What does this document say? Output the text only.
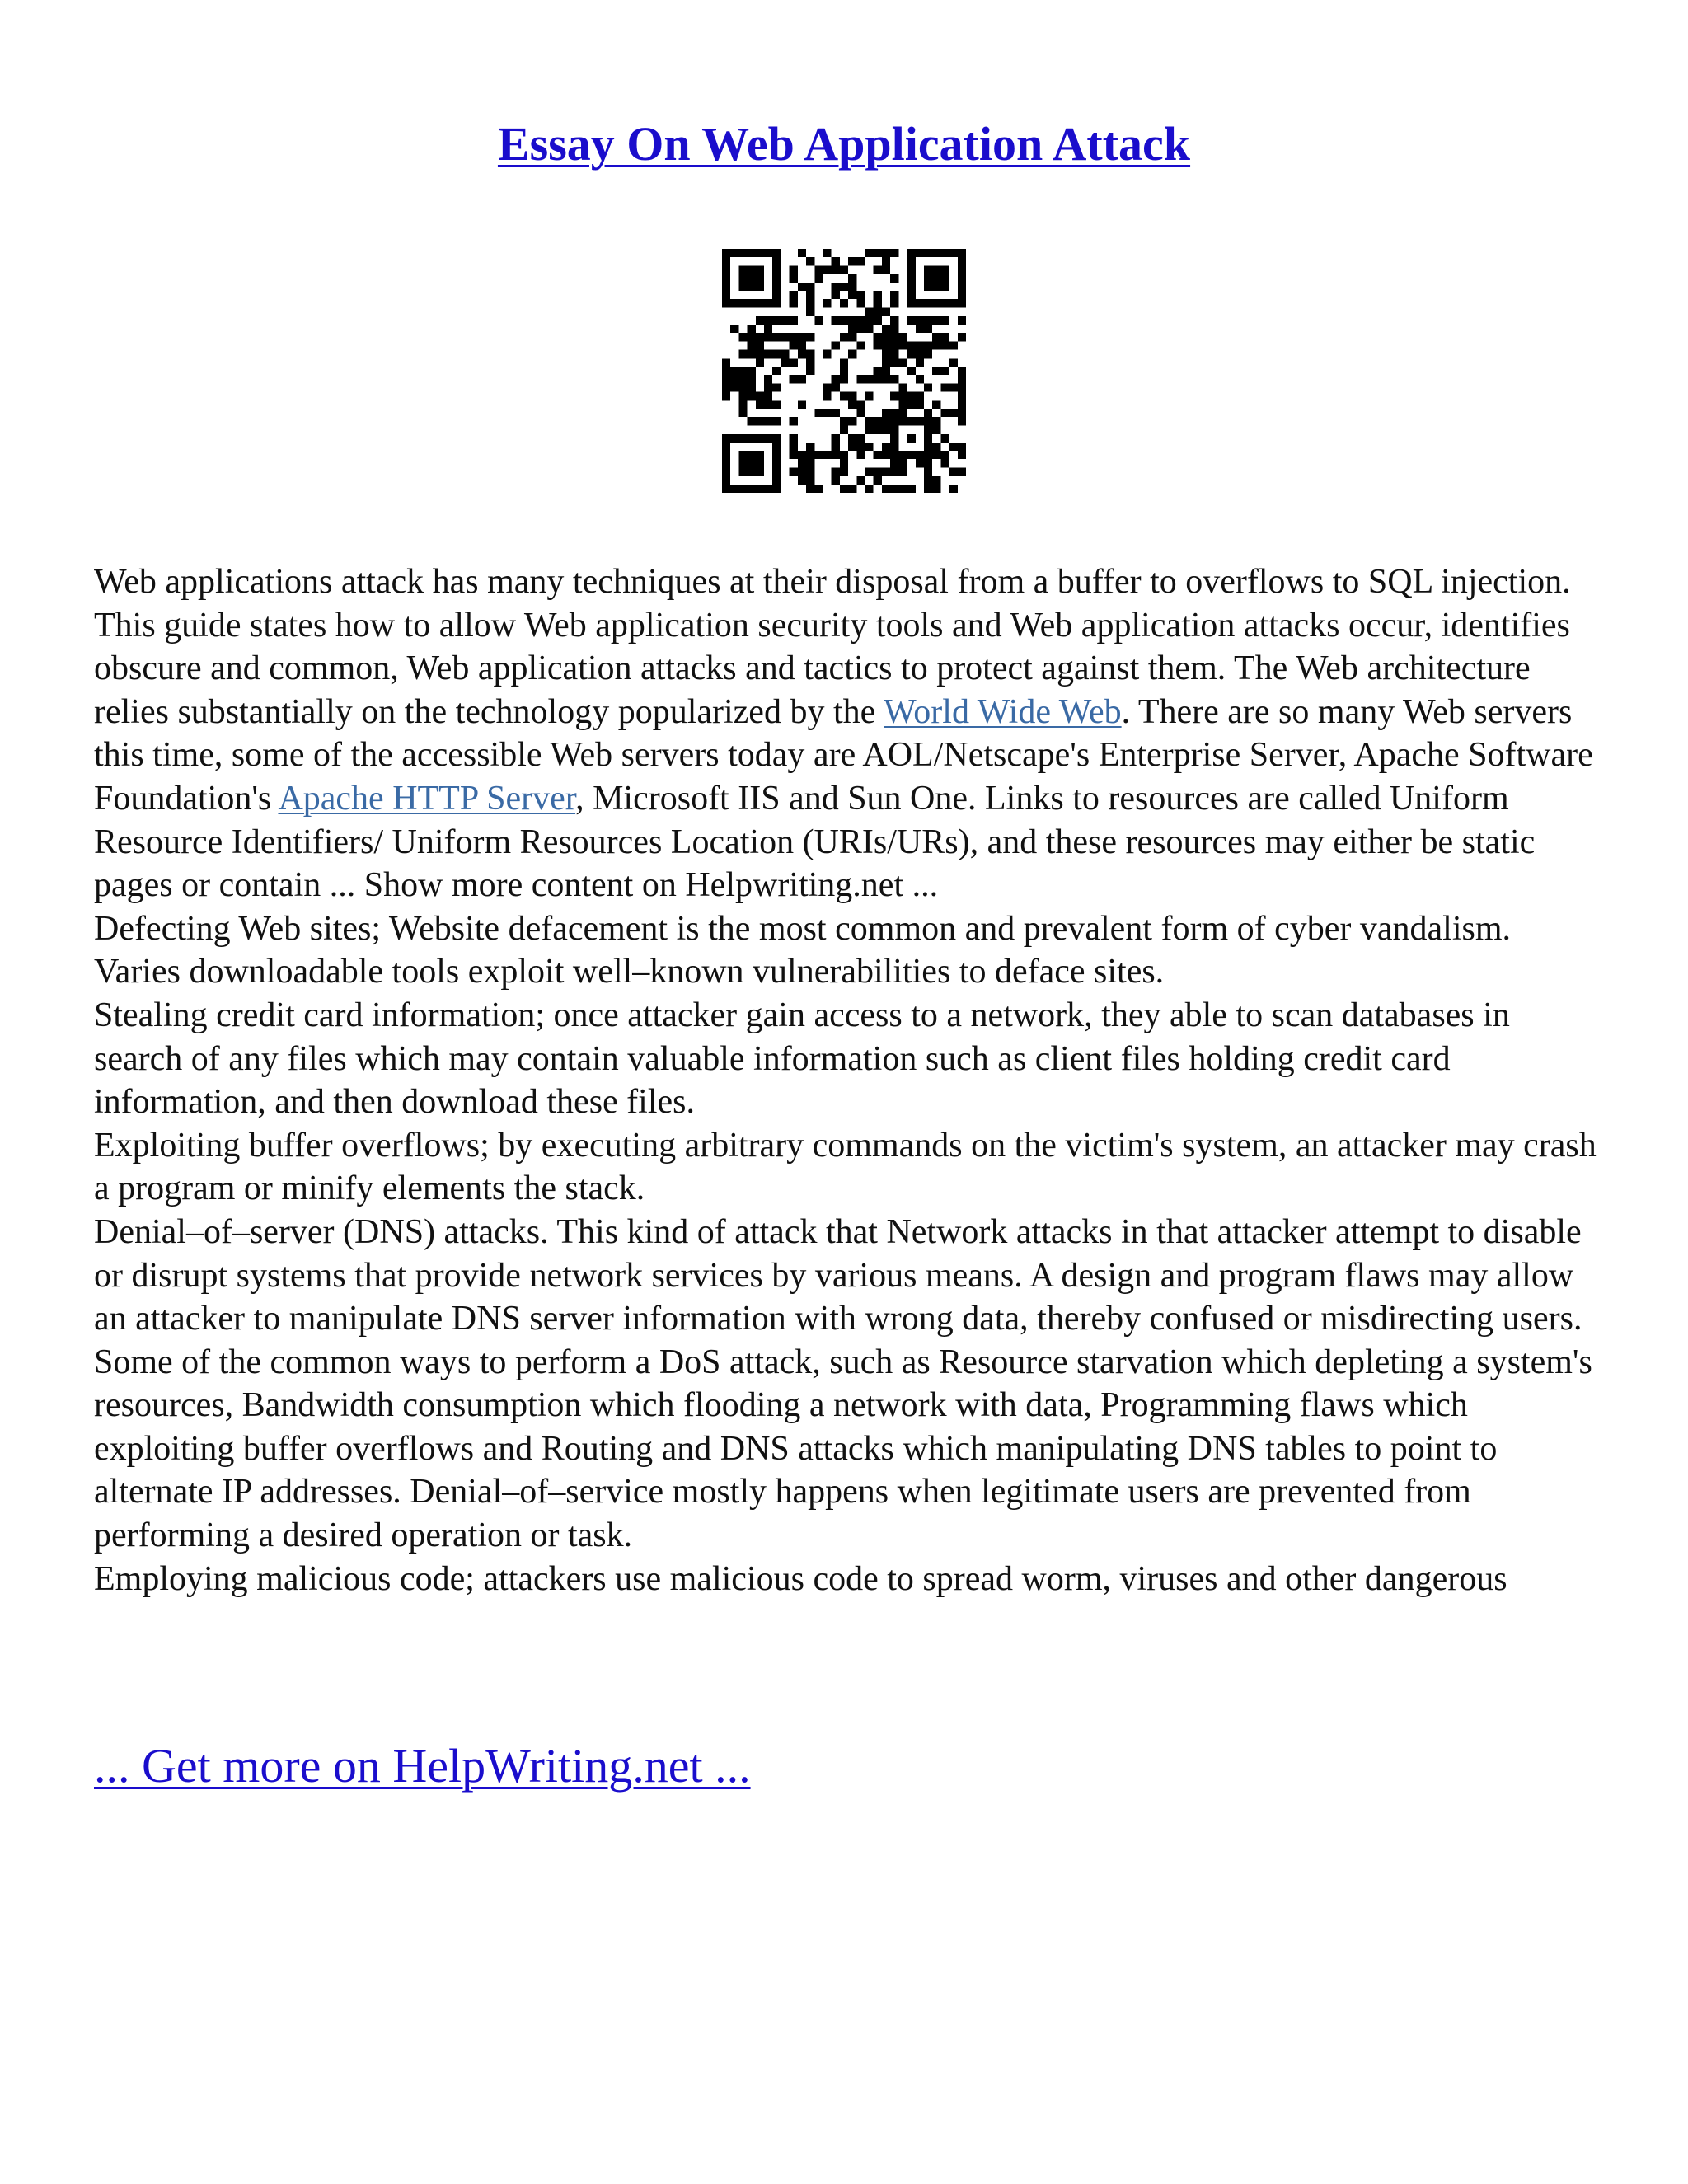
Essay On Web Application Attack

Web applications attack has many techniques at their disposal from a buffer to overflows to SQL injection. This guide states how to allow Web application security tools and Web application attacks occur, identifies obscure and common, Web application attacks and tactics to protect against them. The Web architecture relies substantially on the technology popularized by the World Wide Web. There are so many Web servers this time, some of the accessible Web servers today are AOL/Netscape's Enterprise Server, Apache Software Foundation's Apache HTTP Server, Microsoft IIS and Sun One. Links to resources are called Uniform Resource Identifiers/ Uniform Resources Location (URIs/URs), and these resources may either be static pages or contain ... Show more content on Helpwriting.net ...

Defecting Web sites; Website defacement is the most common and prevalent form of cyber vandalism. Varies downloadable tools exploit well–known vulnerabilities to deface sites.

Stealing credit card information; once attacker gain access to a network, they able to scan databases in search of any files which may contain valuable information such as client files holding credit card information, and then download these files.

Exploiting buffer overflows; by executing arbitrary commands on the victim's system, an attacker may crash a program or minify elements the stack.

Denial–of–server (DNS) attacks. This kind of attack that Network attacks in that attacker attempt to disable or disrupt systems that provide network services by various means. A design and program flaws may allow an attacker to manipulate DNS server information with wrong data, thereby confused or misdirecting users. Some of the common ways to perform a DoS attack, such as Resource starvation which depleting a system's resources, Bandwidth consumption which flooding a network with data, Programming flaws which exploiting buffer overflows and Routing and DNS attacks which manipulating DNS tables to point to alternate IP addresses. Denial–of–service mostly happens when legitimate users are prevented from performing a desired operation or task.

Employing malicious code; attackers use malicious code to spread worm, viruses and other dangerous

... Get more on HelpWriting.net ...
